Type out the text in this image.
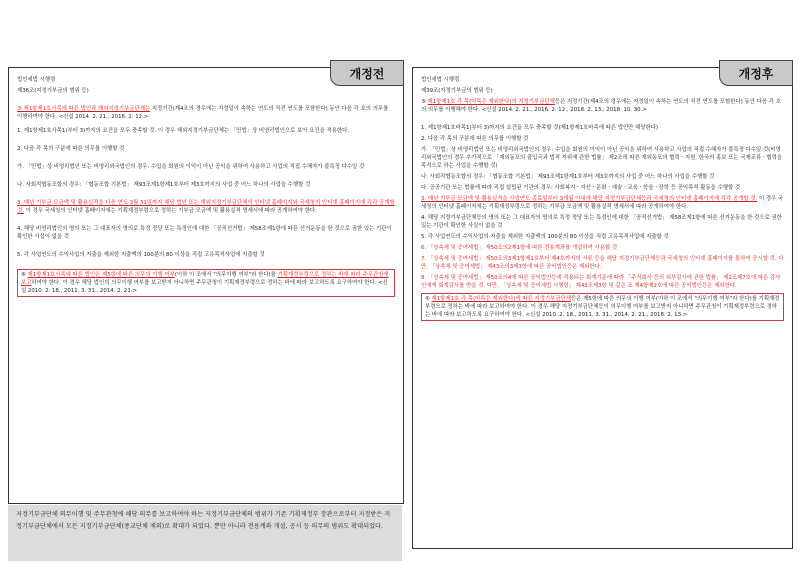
개정전

법인세법 시행령

제36조(지정기부금의 범위 등)

③ 제1항제1호사목에 따른 법인과 해외지정기부금단체는 지정기간(제4조의 경우에는 지정일이 속하는 연도의 직전 연도를 포함한다) 동안 다음 각 호의 의무를 이행하여야 한다. <신설 2014. 2. 21., 2016. 2. 12.>

1. 제1항제1호사목1)부터 3)까지의 요건을 모두 충족할 것. 이 경우 해외지정기부금단체는 「민법」상 비영리법인으로 보아 요건을 적용한다.

2. 다음 각 목의 구분에 따른 의무를 이행할 것

가. 「민법」상 비영리법인 또는 비영리외국법인의 경우: 수입을 회원의 이익이 아닌 공익을 위하여 사용하고 사업의 직접 수혜자가 불특정 다수일 것

나. 사회적협동조합의 경우: 「협동조합 기본법」 제93조제1항제1호부터 제3호까지의 사업 중 어느 하나의 사업을 수행할 것

3. 매년 기부금 모금액 및 활용실적을 다음 연도 3월 31일까지 해당 법인 또는 해외지정기부금단체의 인터넷 홈페이지와 국세청의 인터넷 홈페이지에 각각 공개할 것. 이 경우 국세청의 인터넷 홈페이지에는 기획재정부령으로 정하는 기부금 모금액 및 활용실적 명세서에 따라 공개하여야 한다.

4. 해당 비영리법인의 명의 또는 그 대표자의 명의로 특정 정당 또는 특정인에 대한 「공직선거법」 제58조제1항에 따른 선거운동을 한 것으로 권한 있는 기관이 확인한 사실이 없을 것

5. 각 사업연도의 수익사업의 지출을 제외한 지출액의 100분의 80 이상을 직접 고유목적사업에 지출할 것

⑥ 제1항제1호사목에 따른 법인은 제5항에 따른 의무의 이행 여부(이하 이 조에서 "의무이행 여부"라 한다)를 기획재정부령으로 정하는 바에 따라 주무관청에 보고하여야 한다. 이 경우 해당 법인의 의무이행 여부를 보고받지 아니하면 주무관청이 기획재정부령으로 정하는 바에 따라 보고하도록 요구하여야 한다. <신설 2010. 2. 18., 2011. 3. 31., 2014. 2. 21.>
지정기부금단체 의무이행 및 주무관청에 해당 의무를 보고하여야 하는 지정기부금단체의 범위가 기존 기획재정부 장관으로부터 지정받은 지정기부금단체에서 모든 지정기부금단체(종교단체 제외)로 확대가 되었다. 뿐만 아니라 전용계좌 개설, 공시 등 의무의 범위도 확대되었다.
개정후

법인세법 시행령

제39조(지정기부금의 범위 등)

⑤ 제1항제1호 각 목(마목은 제외한다)의 지정기부금단체등은 지정기간(제4조의 경우에는 지정일이 속하는 연도의 직전 연도를 포함한다) 동안 다음 각 호의 의무를 이행해야 한다. <신설 2014. 2. 21., 2016. 2. 12., 2018. 2. 13., 2018. 10. 30.>

1. 제1항제1호바목1)부터 3)까지의 요건을 모두 충족할 것(제1항제1호바목에 따른 법인만 해당한다)

2. 다음 각 목의 구분에 따른 의무를 이행할 것

가. 「민법」상 비영리법인 또는 비영리외국법인의 경우: 수입을 회원의 이익이 아닌 공익을 위하여 사용하고 사업의 직접 수혜자가 불특정 다수일 것(비영리외국법인의 경우 추가적으로 「재외동포의 출입국과 법적 지위에 관한 법률」 제2조에 따른 재외동포의 협력ㆍ지원, 한국의 홍보 또는 국제교류ㆍ협력을 목적으로 하는 사업을 수행할 것)

나. 사회적협동조합의 경우: 「협동조합 기본법」 제93조제1항제1호부터 제3호까지의 사업 중 어느 하나의 사업을 수행할 것

다. 공공기관 또는 법률에 따라 직접 설립된 기관의 경우: 사회복지ㆍ자선ㆍ문화ㆍ예술ㆍ교육ㆍ학술ㆍ장학 등 공익목적 활동을 수행할 것

3. 매년 기부금 모금액 및 활용실적을 사업연도 종료일부터 3개월 이내에 해당 지정기부금단체등과 국세청의 인터넷 홈페이지에 각각 공개할 것. 이 경우 국세청의 인터넷 홈페이지에는 기획재정부령으로 정하는 기부금 모금액 및 활용실적 명세서에 따라 공개하여야 한다.

4. 해당 지정기부금단체등의 명의 또는 그 대표자의 명의로 특정 정당 또는 특정인에 대한 「공직선거법」 제58조제1항에 따른 선거운동을 한 것으로 권한 있는 기관이 확인한 사실이 없을 것

5. 각 사업연도의 수익사업의 지출을 제외한 지출액의 100분의 80 이상을 직접 고유목적사업에 지출할 것

6. 「상속세 및 증여세법」 제50조의2제1항에 따른 전용계좌를 개설하여 사용할 것

7. 「상속세 및 증여세법」 제50조의3제1항제1호부터 제4호까지의 서류 등을 해당 지정기부금단체등과 국세청의 인터넷 홈페이지를 통하여 공시할 것. 다만, 「상속세 및 증여세법」 제43조의3제3항에 따른 공익법인등은 제외한다.

8. 「상속세 및 증여세법」 제50조의4에 따른 공익법인등에 적용되는 회계기준에 따라 「주식회사 등의 외부감사에 관한 법률」 제2조제7호에 따른 감사인에게 회계감사를 받을 것. 다만, 「상속세 및 증여세법 시행령」 제43조제3항 및 같은 조 제4항제2호에 따른 공익법인등은 제외한다.

⑥ 제1항제1호 각 목(마목은 제외한다)에 따른 지정기부금단체등은 제5항에 따른 의무의 이행 여부(이하 이 조에서 "의무이행 여부"라 한다)를 기획재정부령으로 정하는 바에 따라 보고하여야 한다. 이 경우 해당 지정기부금단체등이 의무이행 여부를 보고받지 아니하면 주무관청이 기획재정부령으로 정하는 바에 따라 보고하도록 요구하여야 한다. <신설 2010. 2. 18., 2011. 3. 31., 2014. 2. 21., 2018. 2. 13.>
